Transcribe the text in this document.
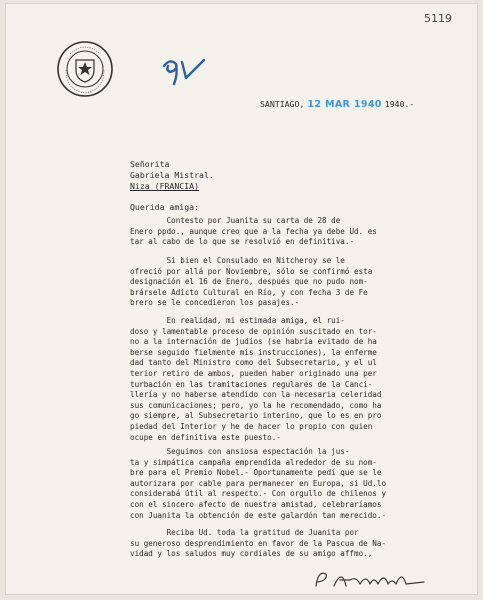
5119
SANTIAGO, 12 MAR 1940 1940.-
Señorita
Gabriela Mistral.
Niza (FRANCIA)
Querida amiga:
Contesto por Juanita su carta de 28 de
Enero ppdo., aunque creo que a la fecha ya debe Ud. es
tar al cabo de lo que se resolvió en definitiva.-
Si bien el Consulado en Nitcheroy se le
ofreció por allá por Noviembre, sólo se confirmó esta
designación el 16 de Enero, después que no pudo nom-
brársele Adicto Cultural en Río, y con fecha 3 de Fe
brero se le concedieron los pasajes.-
En realidad, mi estimada amiga, el rui-
doso y lamentable proceso de opinión suscitado en tor-
no a la internación de judíos (se habría evitado de ha
berse seguido fielmente mis instrucciones), la enferme
dad tanto del Ministro como del Subsecretario, y el ul
terior retiro de ambos, pueden haber originado una per
turbación en las tramitaciones regulares de la Canci-
llería y no haberse atendido con la necesaria celeridad
sus comunicaciones; pero, yo la he recomendado, como ha
go siempre, al Subsecretario interino, que lo es en pro
piedad del Interior y he de hacer lo propio con quien
ocupe en definitiva este puesto.-
Seguimos con ansiosa espectación la jus-
ta y simpática campaña emprendida alrededor de su nom-
bre para el Premio Nobel.- Oportunamente pedí que se le
autorizara por cable para permanecer en Europa, si Ud.lo
considerabá útil al respecto.- Con orgullo de chilenos y
con el sincero afecto de nuestra amistad, celebraríamos
con Juanita la obtención de este galardón tan merecido.-
Reciba Ud. toda la gratitud de Juanita por
su generoso desprendimiento en favor de la Pascua de Na-
vidad y los saludos muy cordiales de su amigo affmo.,
